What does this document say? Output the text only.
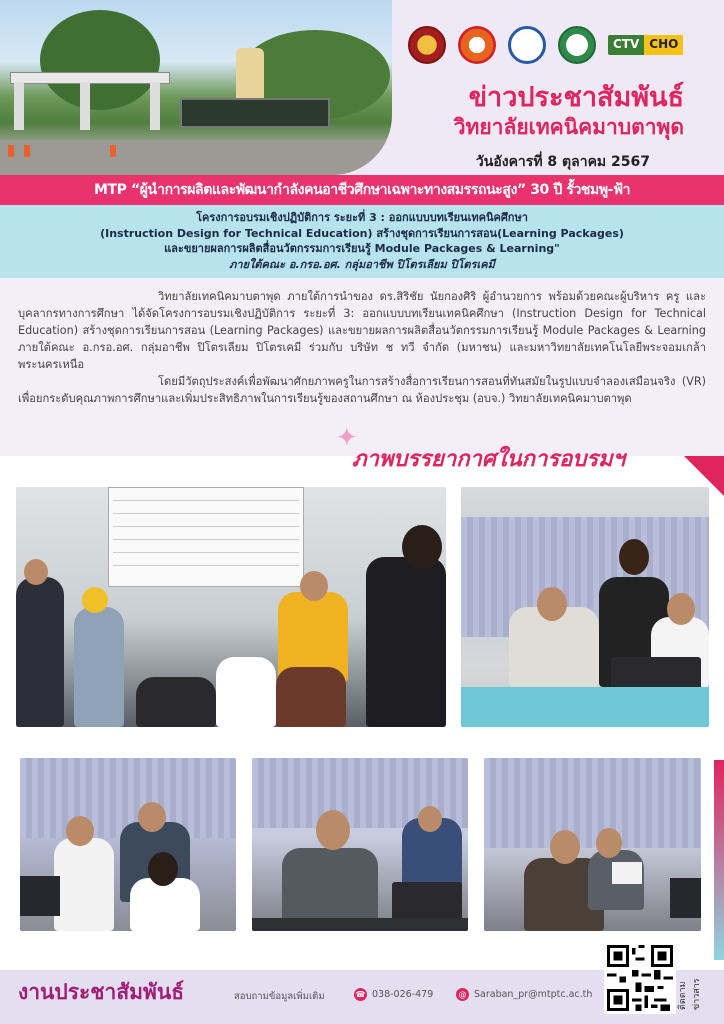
CTV CHO
ข่าวประชาสัมพันธ์
วิทยาลัยเทคนิคมาบตาพุด
วันอังคารที่ 8 ตุลาคม 2567
MTP “ผู้นำการผลิตและพัฒนากำลังคนอาชีวศึกษาเฉพาะทางสมรรถนะสูง” 30 ปี รั้วชมพู-ฟ้า
โครงการอบรมเชิงปฏิบัติการ ระยะที่ 3 : ออกแบบบทเรียนเทคนิคศึกษา
(Instruction Design for Technical Education) สร้างชุดการเรียนการสอน(Learning Packages)
และขยายผลการผลิตสื่อนวัตกรรมการเรียนรู้ Module Packages & Learning"
ภายใต้คณะ อ.กรอ.อศ. กลุ่มอาชีพ ปิโตรเลียม ปิโตรเคมี

วิทยาลัยเทคนิคมาบตาพุด ภายใต้การนำของ ดร.สิริชัย นัยกองศิริ ผู้อำนวยการ พร้อมด้วยคณะผู้บริหาร ครู และบุคลากรทางการศึกษา ได้จัดโครงการอบรมเชิงปฏิบัติการ ระยะที่ 3: ออกแบบบทเรียนเทคนิคศึกษา (Instruction Design for Technical Education) สร้างชุดการเรียนการสอน (Learning Packages) และขยายผลการผลิตสื่อนวัตกรรมการเรียนรู้ Module Packages & Learning ภายใต้คณะ อ.กรอ.อศ. กลุ่มอาชีพ ปิโตรเลียม ปิโตรเคมี ร่วมกับ บริษัท ช ทวี จำกัด (มหาชน) และมหาวิทยาลัยเทคโนโลยีพระจอมเกล้าพระนครเหนือ

โดยมีวัตถุประสงค์เพื่อพัฒนาศักยภาพครูในการสร้างสื่อการเรียนการสอนที่ทันสมัยในรูปแบบจำลองเสมือนจริง (VR) เพื่อยกระดับคุณภาพการศึกษาและเพิ่มประสิทธิภาพในการเรียนรู้ของสถานศึกษา ณ ห้องประชุม (อบจ.) วิทยาลัยเทคนิคมาบตาพุด

✦
ภาพบรรยากาศในการอบรมฯ
งานประชาสัมพันธ์	สอบถามข้อมูลเพิ่มเติม	☎ 038-026-479	@ Saraban_pr@mtptc.ac.th	ติดตามข่าวสาร
